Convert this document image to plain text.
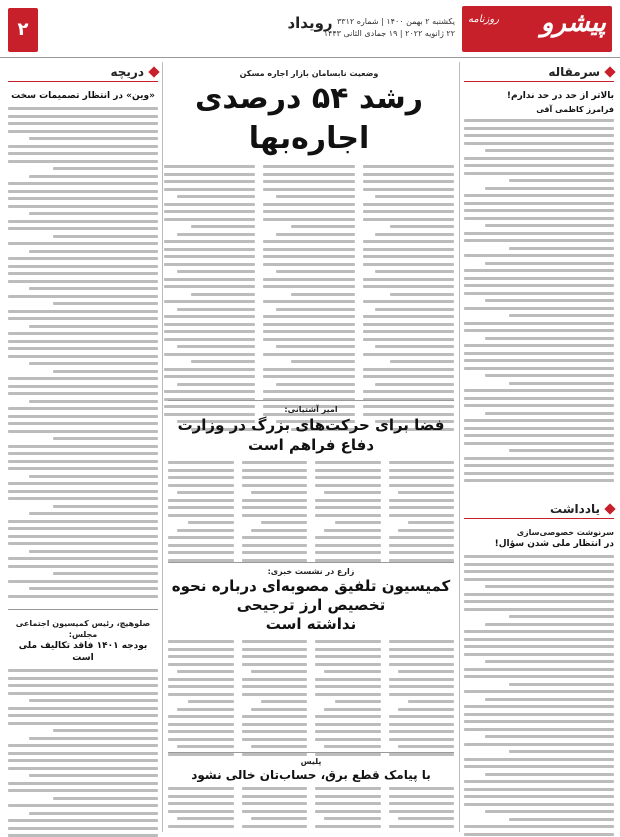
پیشرو
روزنامه
یکشنبه ۲ بهمن ۱۴۰۰ | شماره ۳۳۱۲
۲۲ ژانویه ۲۰۲۲ | ۱۹ جمادی الثانی ۱۴۴۳
رویداد
۲
سرمقاله
بالاتر از حد در حد ندارم!
فرامرز کاظمی آقی
یادداشت
سرنوشت خصوصی‌سازی
در انتظار ملی شدن سؤال!
وضعیت نابسامان بازار اجاره مسکن
رشد ۵۴ درصدی اجاره‌بها
دریچه
«وین» در انتظار تصمیمات سخت
صلوهیچ، رئیس کمیسیون اجتماعی مجلس:
بودجه ۱۴۰۱ فاقد تکالیف ملی است
امیر آشتیانی:
فضا برای حرکت‌های بزرگ در وزارت دفاع فراهم است
زارع در نشست خبری:
کمیسیون تلفیق مصوبه‌ای درباره نحوه تخصیص ارز ترجیحی
نداشته است
پلیس
با پیامک قطع برق، حساب‌تان خالی نشود
